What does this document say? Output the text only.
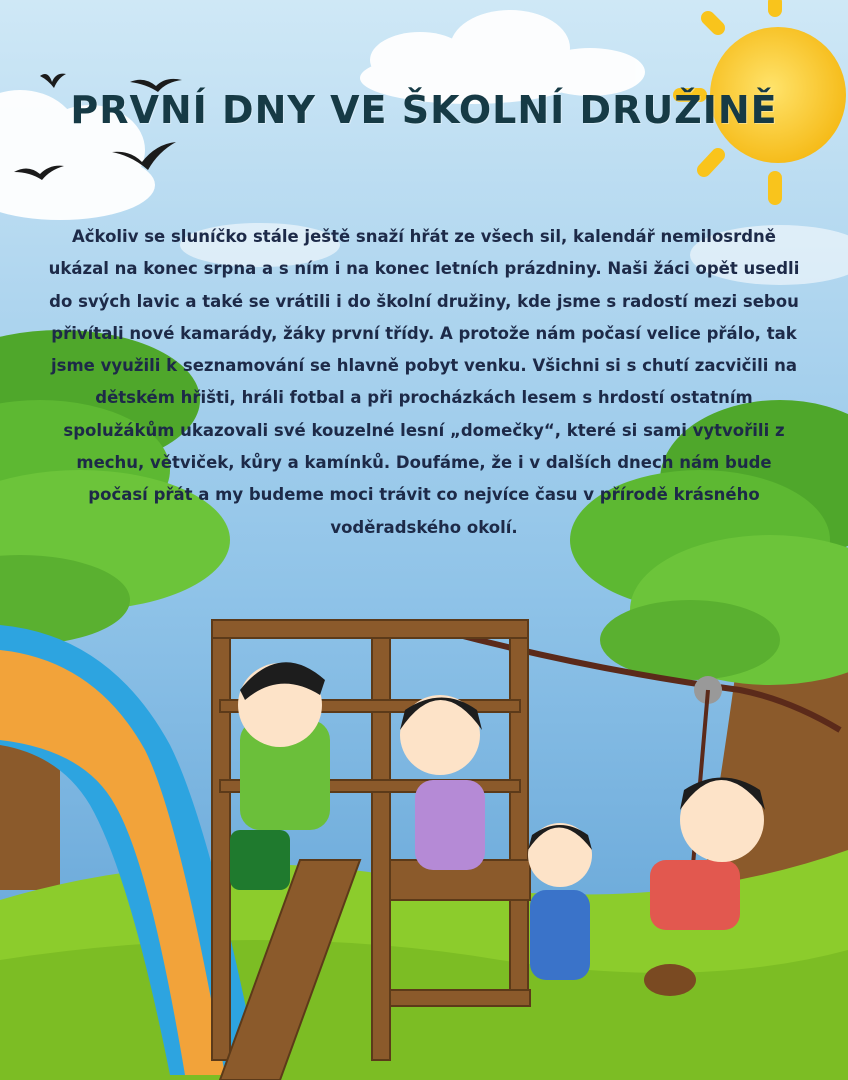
PRVNÍ DNY VE ŠKOLNÍ DRUŽINĚ

Ačkoliv se sluníčko stále ještě snaží hřát ze všech sil, kalendář nemilosrdně ukázal na konec srpna a s ním i na konec letních prázdniny. Naši žáci opět usedli do svých lavic a také se vrátili i do školní družiny, kde jsme s radostí mezi sebou přivítali nové kamarády, žáky první třídy. A protože nám počasí velice přálo, tak jsme využili k seznamování se hlavně pobyt venku. Všichni si s chutí zacvičili na dětském hřišti, hráli fotbal a při procházkách lesem s hrdostí ostatním spolužákům ukazovali své kouzelné lesní „domečky“, které si sami vytvořili z mechu, větviček, kůry a kamínků. Doufáme, že i v dalších dnech nám bude počasí přát a my budeme moci trávit co nejvíce času v přírodě krásného voděradského okolí.
